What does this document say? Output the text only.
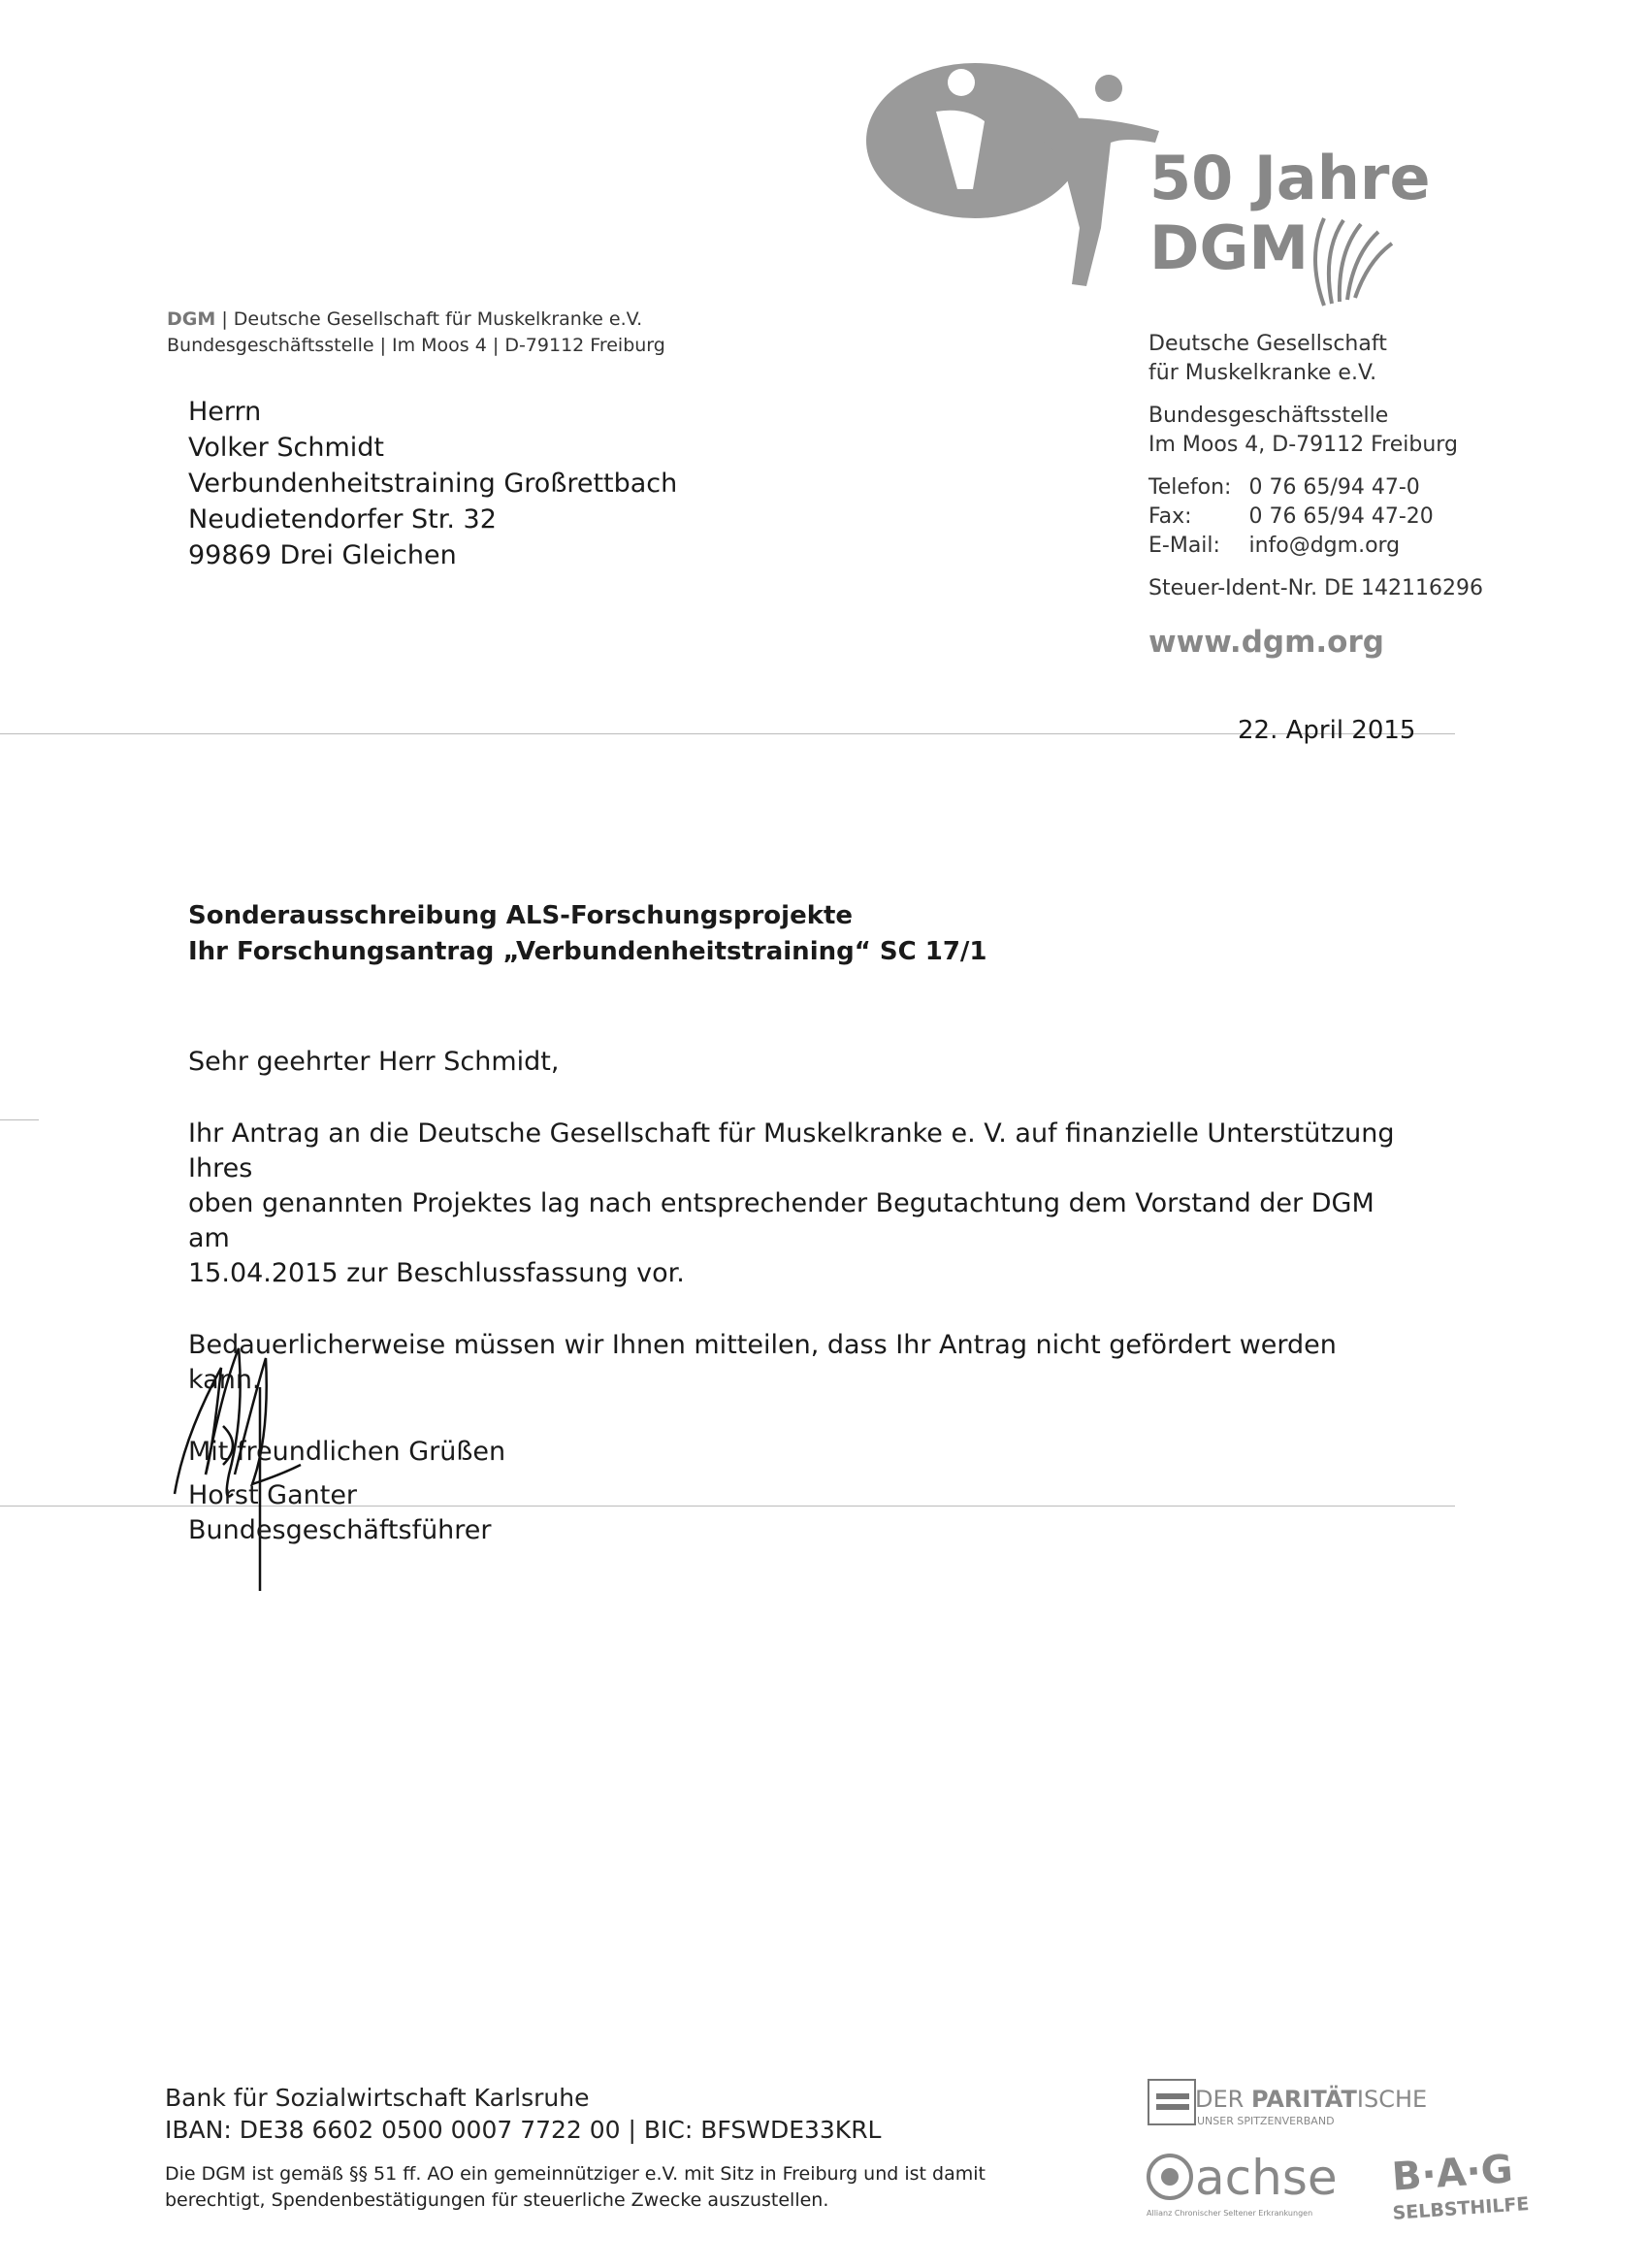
50 Jahre
DGM
DGM | Deutsche Gesellschaft für Muskelkranke e.V.
Bundesgeschäftsstelle | Im Moos 4 | D-79112 Freiburg
Herrn
Volker Schmidt
Verbundenheitstraining Großrettbach
Neudietendorfer Str. 32
99869 Drei Gleichen
Deutsche Gesellschaft
für Muskelkranke e.V.
Bundesgeschäftsstelle
Im Moos 4, D-79112 Freiburg
Telefon:	0 76 65/94 47-0
Fax:	0 76 65/94 47-20
E-Mail:	info@dgm.org
Steuer-Ident-Nr. DE 142116296
www.dgm.org
22. April 2015
Sonderausschreibung ALS-Forschungsprojekte
Ihr Forschungsantrag „Verbundenheitstraining“ SC 17/1

Sehr geehrter Herr Schmidt,

Ihr Antrag an die Deutsche Gesellschaft für Muskelkranke e. V. auf finanzielle Unterstützung Ihres
oben genannten Projektes lag nach entsprechender Begutachtung dem Vorstand der DGM am
15.04.2015 zur Beschlussfassung vor.

Bedauerlicherweise müssen wir Ihnen mitteilen, dass Ihr Antrag nicht gefördert werden kann.

Mit freundlichen Grüßen

Horst Ganter
Bundesgeschäftsführer
Bank für Sozialwirtschaft Karlsruhe
IBAN: DE38 6602 0500 0007 7722 00 | BIC: BFSWDE33KRL
Die DGM ist gemäß §§ 51 ff. AO ein gemeinnütziger e.V. mit Sitz in Freiburg und ist damit
berechtigt, Spendenbestätigungen für steuerliche Zwecke auszustellen.
DER PARITÄTISCHE
UNSER SPITZENVERBAND
achse
Allianz Chronischer Seltener Erkrankungen
B·A·G
SELBSTHILFE
